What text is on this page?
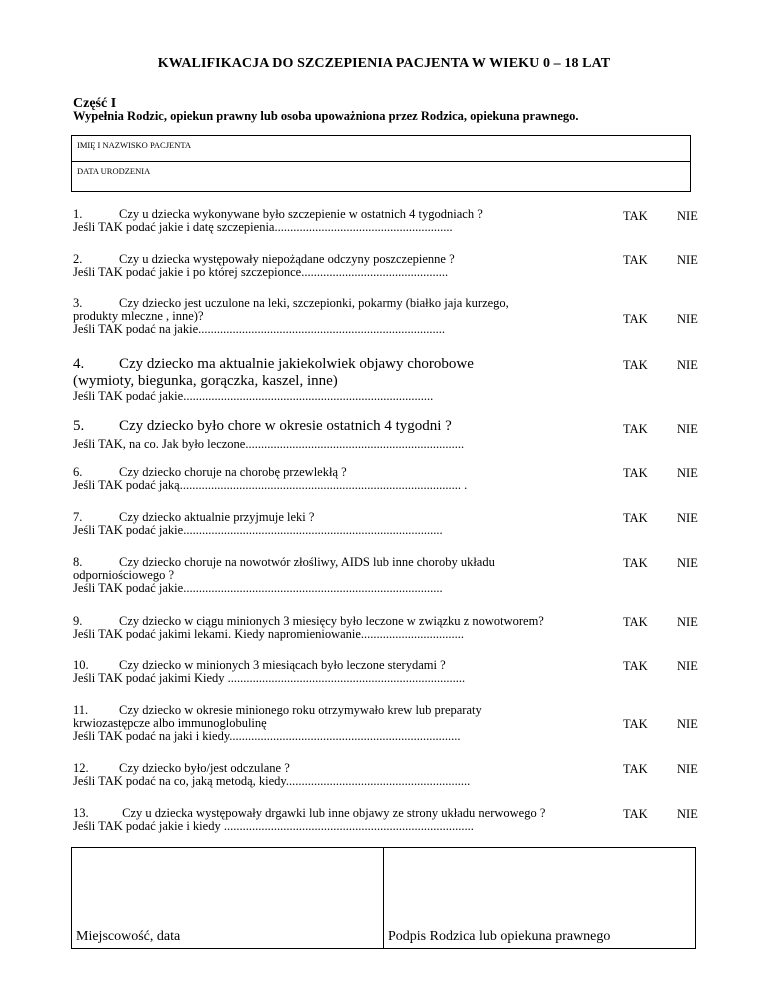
KWALIFIKACJA DO SZCZEPIENIA PACJENTA W WIEKU 0 – 18 LAT
Część I
Wypełnia Rodzic, opiekun prawny lub osoba upoważniona przez Rodzica, opiekuna prawnego.
IMIĘ I NAZWISKO PACJENTA
DATA URODZENIA
1.	Czy u dziecka wykonywane było szczepienie w ostatnich 4 tygodniach ?
Jeśli TAK podać jakie i datę szczepienia.........................................................
TAK NIE
2.	Czy u dziecka występowały niepożądane odczyny poszczepienne ?
Jeśli TAK podać jakie i po której szczepionce...............................................
TAK NIE
3.	Czy dziecko jest uczulone na leki, szczepionki, pokarmy (białko jaja kurzego,
produkty mleczne , inne)?
Jeśli TAK podać na jakie...............................................................................
TAK NIE
4. Czy dziecko ma aktualnie jakiekolwiek objawy chorobowe
(wymioty, biegunka, gorączka, kaszel, inne)
Jeśli TAK podać jakie................................................................................
TAK NIE
5. Czy dziecko było chore w okresie ostatnich 4 tygodni ?
Jeśli TAK, na co. Jak było leczone......................................................................
TAK NIE
6.	Czy dziecko choruje na chorobę przewlekłą ?
Jeśli TAK podać jaką.......................................................................................... .
TAK NIE
7.	Czy dziecko aktualnie przyjmuje leki ?
Jeśli TAK podać jakie...................................................................................
TAK NIE
8.	Czy dziecko choruje na nowotwór złośliwy, AIDS lub inne choroby układu
odporniościowego ?
Jeśli TAK podać jakie...................................................................................
TAK NIE
9.	Czy dziecko w ciągu minionych 3 miesięcy było leczone w związku z nowotworem?
Jeśli TAK podać jakimi lekami. Kiedy napromieniowanie.................................
TAK NIE
10. Czy dziecko w minionych 3 miesiącach było leczone sterydami ?
Jeśli TAK podać jakimi Kiedy ............................................................................
TAK NIE
11. Czy dziecko w okresie minionego roku otrzymywało krew lub preparaty
krwiozastępcze albo immunoglobulinę
Jeśli TAK podać na jaki i kiedy..........................................................................
TAK NIE
12. Czy dziecko było/jest odczulane ?
Jeśli TAK podać na co, jaką metodą, kiedy...........................................................
TAK NIE
13. Czy u dziecka występowały drgawki lub inne objawy ze strony układu nerwowego ?
Jeśli TAK podać jakie i kiedy ................................................................................
TAK NIE
Miejscowość, data	Podpis Rodzica lub opiekuna prawnego
